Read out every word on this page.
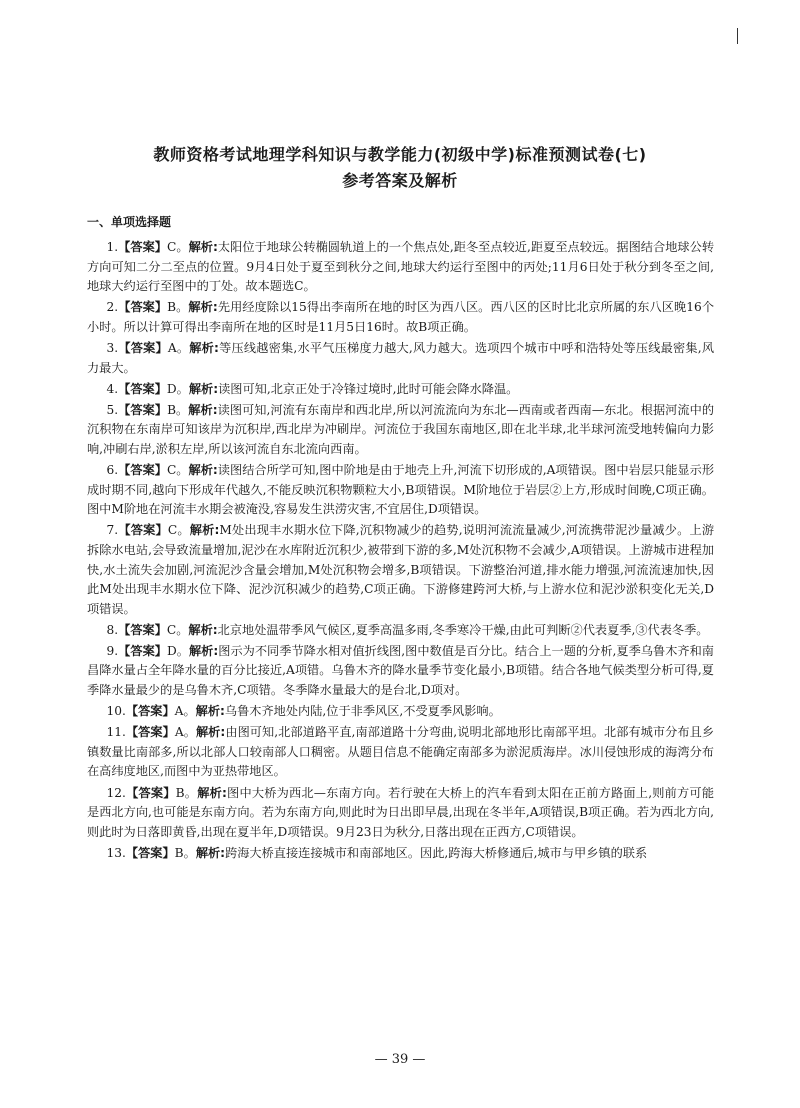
教师资格考试地理学科知识与教学能力(初级中学)标准预测试卷(七)
参考答案及解析
一、单项选择题
1.【答案】C。解析:太阳位于地球公转椭圆轨道上的一个焦点处,距冬至点较近,距夏至点较远。据图结合地球公转方向可知二分二至点的位置。9月4日处于夏至到秋分之间,地球大约运行至图中的丙处;11月6日处于秋分到冬至之间,地球大约运行至图中的丁处。故本题选C。
2.【答案】B。解析:先用经度除以15得出李南所在地的时区为西八区。西八区的区时比北京所属的东八区晚16个小时。所以计算可得出李南所在地的区时是11月5日16时。故B项正确。
3.【答案】A。解析:等压线越密集,水平气压梯度力越大,风力越大。选项四个城市中呼和浩特处等压线最密集,风力最大。
4.【答案】D。解析:读图可知,北京正处于冷锋过境时,此时可能会降水降温。
5.【答案】B。解析:读图可知,河流有东南岸和西北岸,所以河流流向为东北—西南或者西南—东北。根据河流中的沉积物在东南岸可知该岸为沉积岸,西北岸为冲刷岸。河流位于我国东南地区,即在北半球,北半球河流受地转偏向力影响,冲刷右岸,淤积左岸,所以该河流自东北流向西南。
6.【答案】C。解析:读图结合所学可知,图中阶地是由于地壳上升,河流下切形成的,A项错误。图中岩层只能显示形成时期不同,越向下形成年代越久,不能反映沉积物颗粒大小,B项错误。M阶地位于岩层②上方,形成时间晚,C项正确。图中M阶地在河流丰水期会被淹没,容易发生洪涝灾害,不宜居住,D项错误。
7.【答案】C。解析:M处出现丰水期水位下降,沉积物减少的趋势,说明河流流量减少,河流携带泥沙量减少。上游拆除水电站,会导致流量增加,泥沙在水库附近沉积少,被带到下游的多,M处沉积物不会减少,A项错误。上游城市进程加快,水土流失会加剧,河流泥沙含量会增加,M处沉积物会增多,B项错误。下游整治河道,排水能力增强,河流流速加快,因此M处出现丰水期水位下降、泥沙沉积减少的趋势,C项正确。下游修建跨河大桥,与上游水位和泥沙淤积变化无关,D项错误。
8.【答案】C。解析:北京地处温带季风气候区,夏季高温多雨,冬季寒冷干燥,由此可判断②代表夏季,③代表冬季。
9.【答案】D。解析:图示为不同季节降水相对值折线图,图中数值是百分比。结合上一题的分析,夏季乌鲁木齐和南昌降水量占全年降水量的百分比接近,A项错。乌鲁木齐的降水量季节变化最小,B项错。结合各地气候类型分析可得,夏季降水量最少的是乌鲁木齐,C项错。冬季降水量最大的是台北,D项对。
10.【答案】A。解析:乌鲁木齐地处内陆,位于非季风区,不受夏季风影响。
11.【答案】A。解析:由图可知,北部道路平直,南部道路十分弯曲,说明北部地形比南部平坦。北部有城市分布且乡镇数量比南部多,所以北部人口较南部人口稠密。从题目信息不能确定南部多为淤泥质海岸。冰川侵蚀形成的海湾分布在高纬度地区,而图中为亚热带地区。
12.【答案】B。解析:图中大桥为西北—东南方向。若行驶在大桥上的汽车看到太阳在正前方路面上,则前方可能是西北方向,也可能是东南方向。若为东南方向,则此时为日出即早晨,出现在冬半年,A项错误,B项正确。若为西北方向,则此时为日落即黄昏,出现在夏半年,D项错误。9月23日为秋分,日落出现在正西方,C项错误。
13.【答案】B。解析:跨海大桥直接连接城市和南部地区。因此,跨海大桥修通后,城市与甲乡镇的联系
— 39 —
